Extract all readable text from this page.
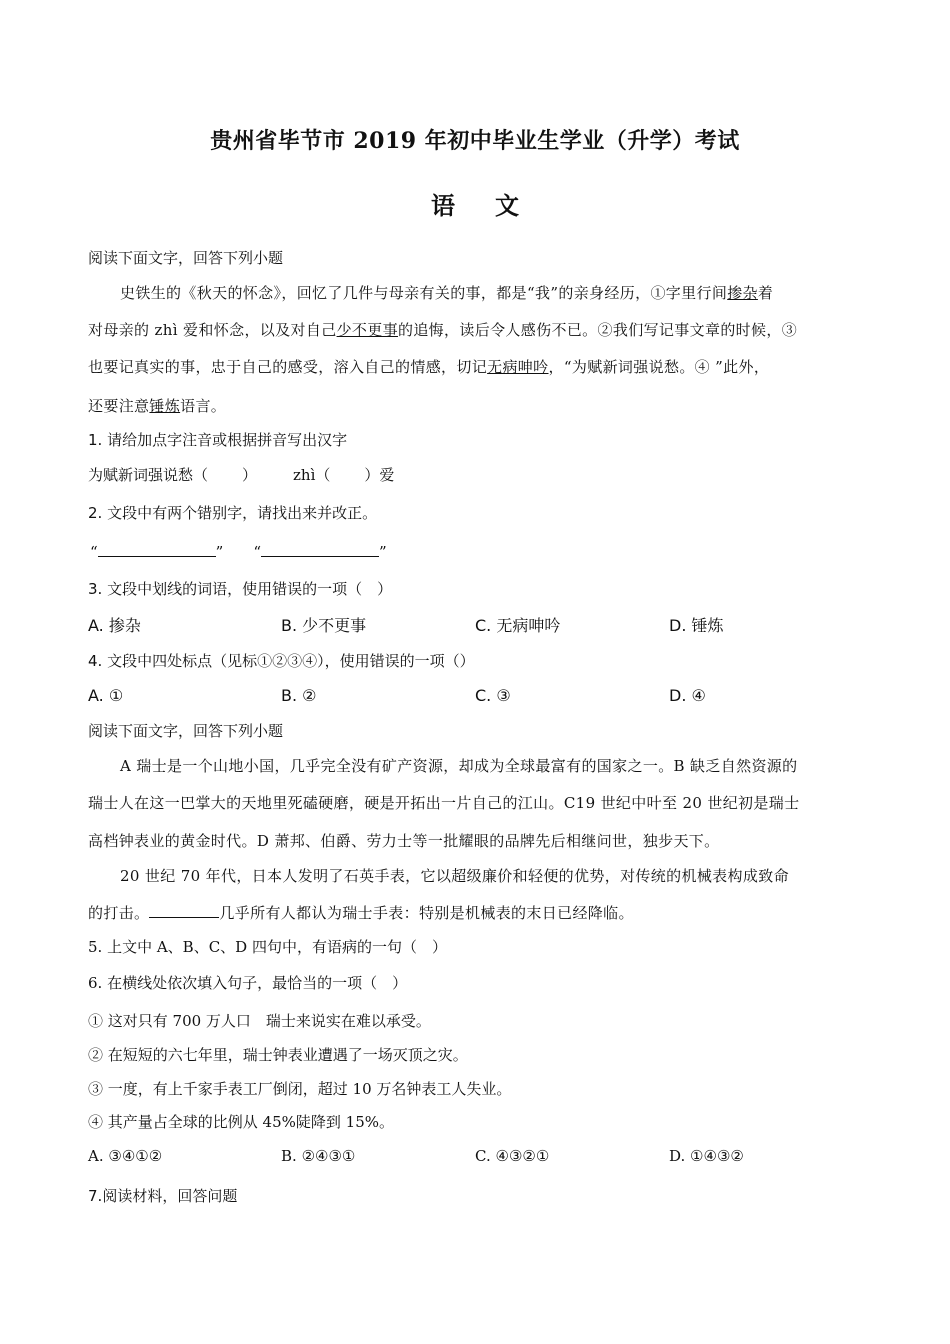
贵州省毕节市 2019 年初中毕业生学业（升学）考试
语 文
阅读下面文字，回答下列小题
史铁生的《秋天的怀念》，回忆了几件与母亲有关的事，都是“我”的亲身经历，①字里行间掺杂着
对母亲的 zhì 爱和怀念，以及对自己少不更事的追悔，读后令人感伤不已。②我们写记事文章的时候，③
也要记真实的事，忠于自己的感受，溶入自己的情感，切记无病呻吟，“为赋新词强说愁。④ ”此外，
还要注意锤炼语言。
1. 请给加点字注音或根据拼音写出汉字
为赋新词强说愁（ ） zhì（ ）爱
2. 文段中有两个错别字，请找出来并改正。
“	” “	”
3. 文段中划线的词语，使用错误的一项（　）
A. 掺杂	B. 少不更事	C. 无病呻吟	D. 锤炼
4. 文段中四处标点（见标①②③④），使用错误的一项（）
A. ①	B. ②	C. ③	D. ④
阅读下面文字，回答下列小题
A 瑞士是一个山地小国，几乎完全没有矿产资源，却成为全球最富有的国家之一。B 缺乏自然资源的
瑞士人在这一巴掌大的天地里死磕硬磨，硬是开拓出一片自己的江山。C19 世纪中叶至 20 世纪初是瑞士
高档钟表业的黄金时代。D 萧邦、伯爵、劳力士等一批耀眼的品牌先后相继问世，独步天下。
20 世纪 70 年代，日本人发明了石英手表，它以超级廉价和轻便的优势，对传统的机械表构成致命
的打击。	几乎所有人都认为瑞士手表：特别是机械表的末日已经降临。
5. 上文中 A、B、C、D 四句中，有语病的一句（　）
6. 在横线处依次填入句子，最恰当的一项（　）
① 这对只有 700 万人口　瑞士来说实在难以承受。
② 在短短的六七年里，瑞士钟表业遭遇了一场灭顶之灾。
③ 一度，有上千家手表工厂倒闭，超过 10 万名钟表工人失业。
④ 其产量占全球的比例从 45%陡降到 15%。
A. ③④①②	B. ②④③①	C. ④③②①	D. ①④③②
7.阅读材料，回答问题
